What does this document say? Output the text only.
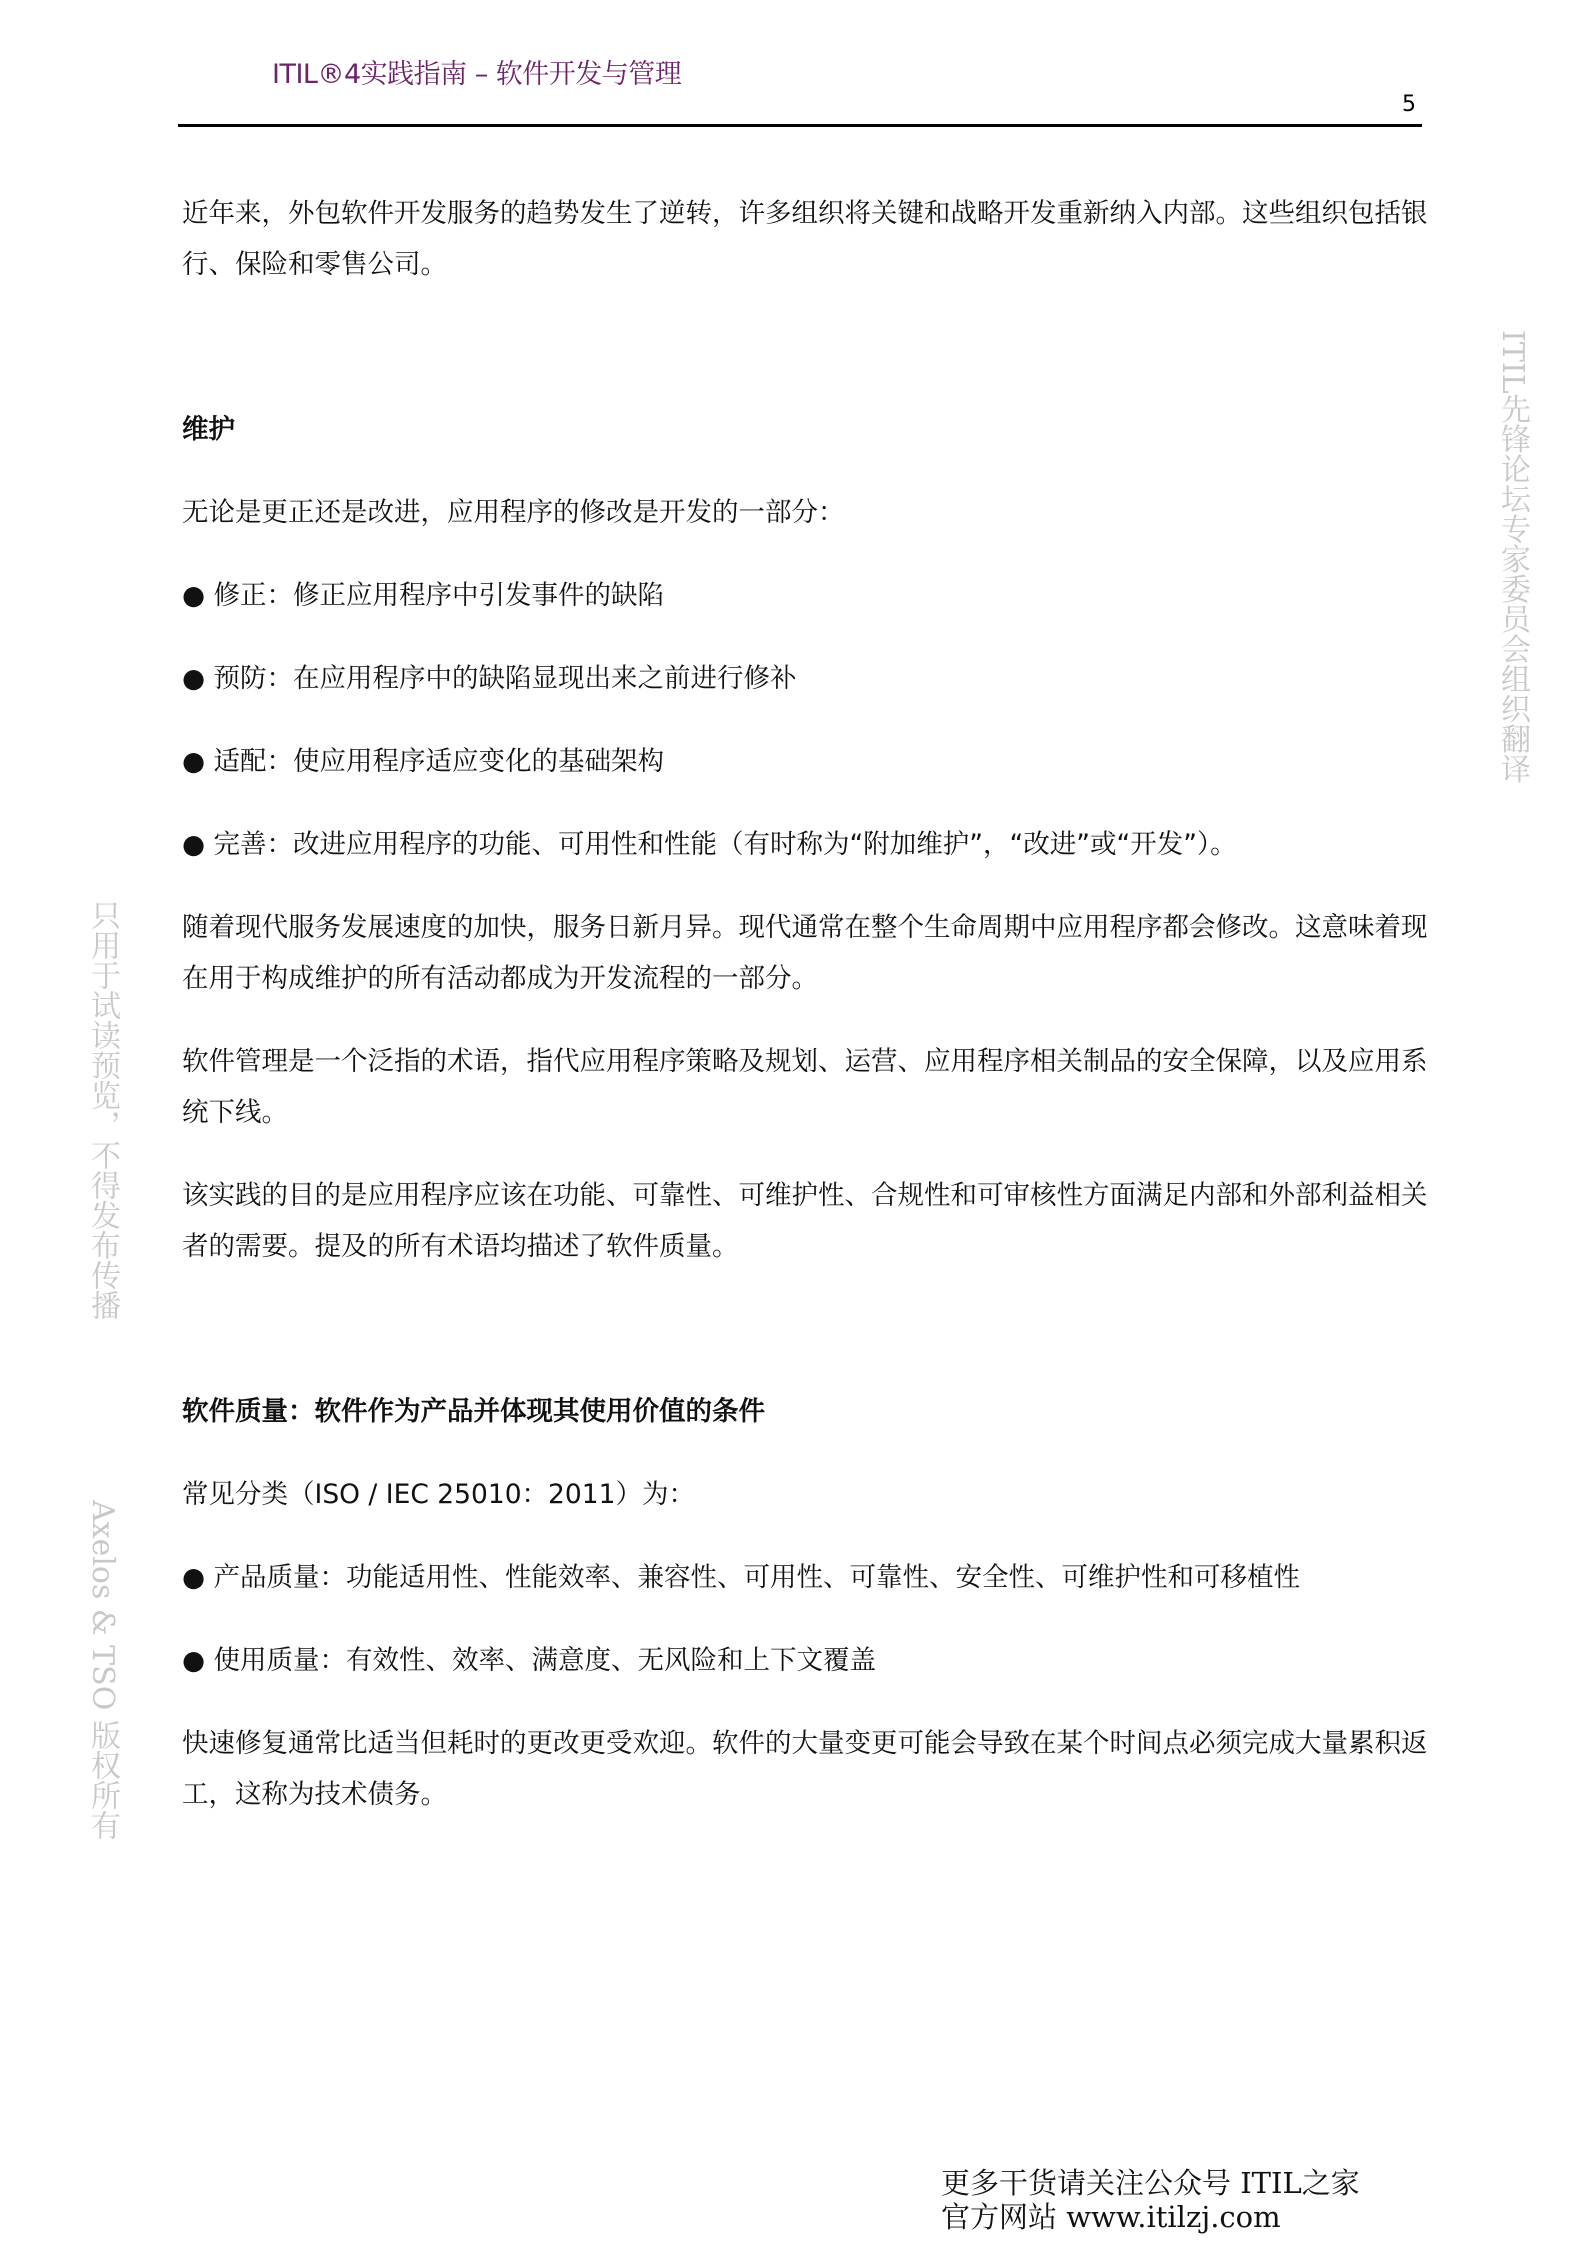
ITIL®4实践指南 – 软件开发与管理
5

近年来，外包软件开发服务的趋势发生了逆转，许多组织将关键和战略开发重新纳入内部。这些组织包括银行、保险和零售公司。

维护

无论是更正还是改进，应用程序的修改是开发的一部分：

● 修正：修正应用程序中引发事件的缺陷

● 预防：在应用程序中的缺陷显现出来之前进行修补

● 适配：使应用程序适应变化的基础架构

● 完善：改进应用程序的功能、可用性和性能（有时称为“附加维护”，“改进”或“开发”）。

随着现代服务发展速度的加快，服务日新月异。现代通常在整个生命周期中应用程序都会修改。这意味着现在用于构成维护的所有活动都成为开发流程的一部分。

软件管理是一个泛指的术语，指代应用程序策略及规划、运营、应用程序相关制品的安全保障，以及应用系统下线。

该实践的目的是应用程序应该在功能、可靠性、可维护性、合规性和可审核性方面满足内部和外部利益相关者的需要。提及的所有术语均描述了软件质量。

软件质量：软件作为产品并体现其使用价值的条件

常见分类（ISO / IEC 25010：2011）为：

● 产品质量：功能适用性、性能效率、兼容性、可用性、可靠性、安全性、可维护性和可移植性

● 使用质量：有效性、效率、满意度、无风险和上下文覆盖

快速修复通常比适当但耗时的更改更受欢迎。软件的大量变更可能会导致在某个时间点必须完成大量累积返工，这称为技术债务。

ITIL先锋论坛专家委员会组织翻译
只用于试读预览，不得发布传播
Axelos & TSO 版权所有
更多干货请关注公众号 ITIL之家
官方网站 www.itilzj.com
